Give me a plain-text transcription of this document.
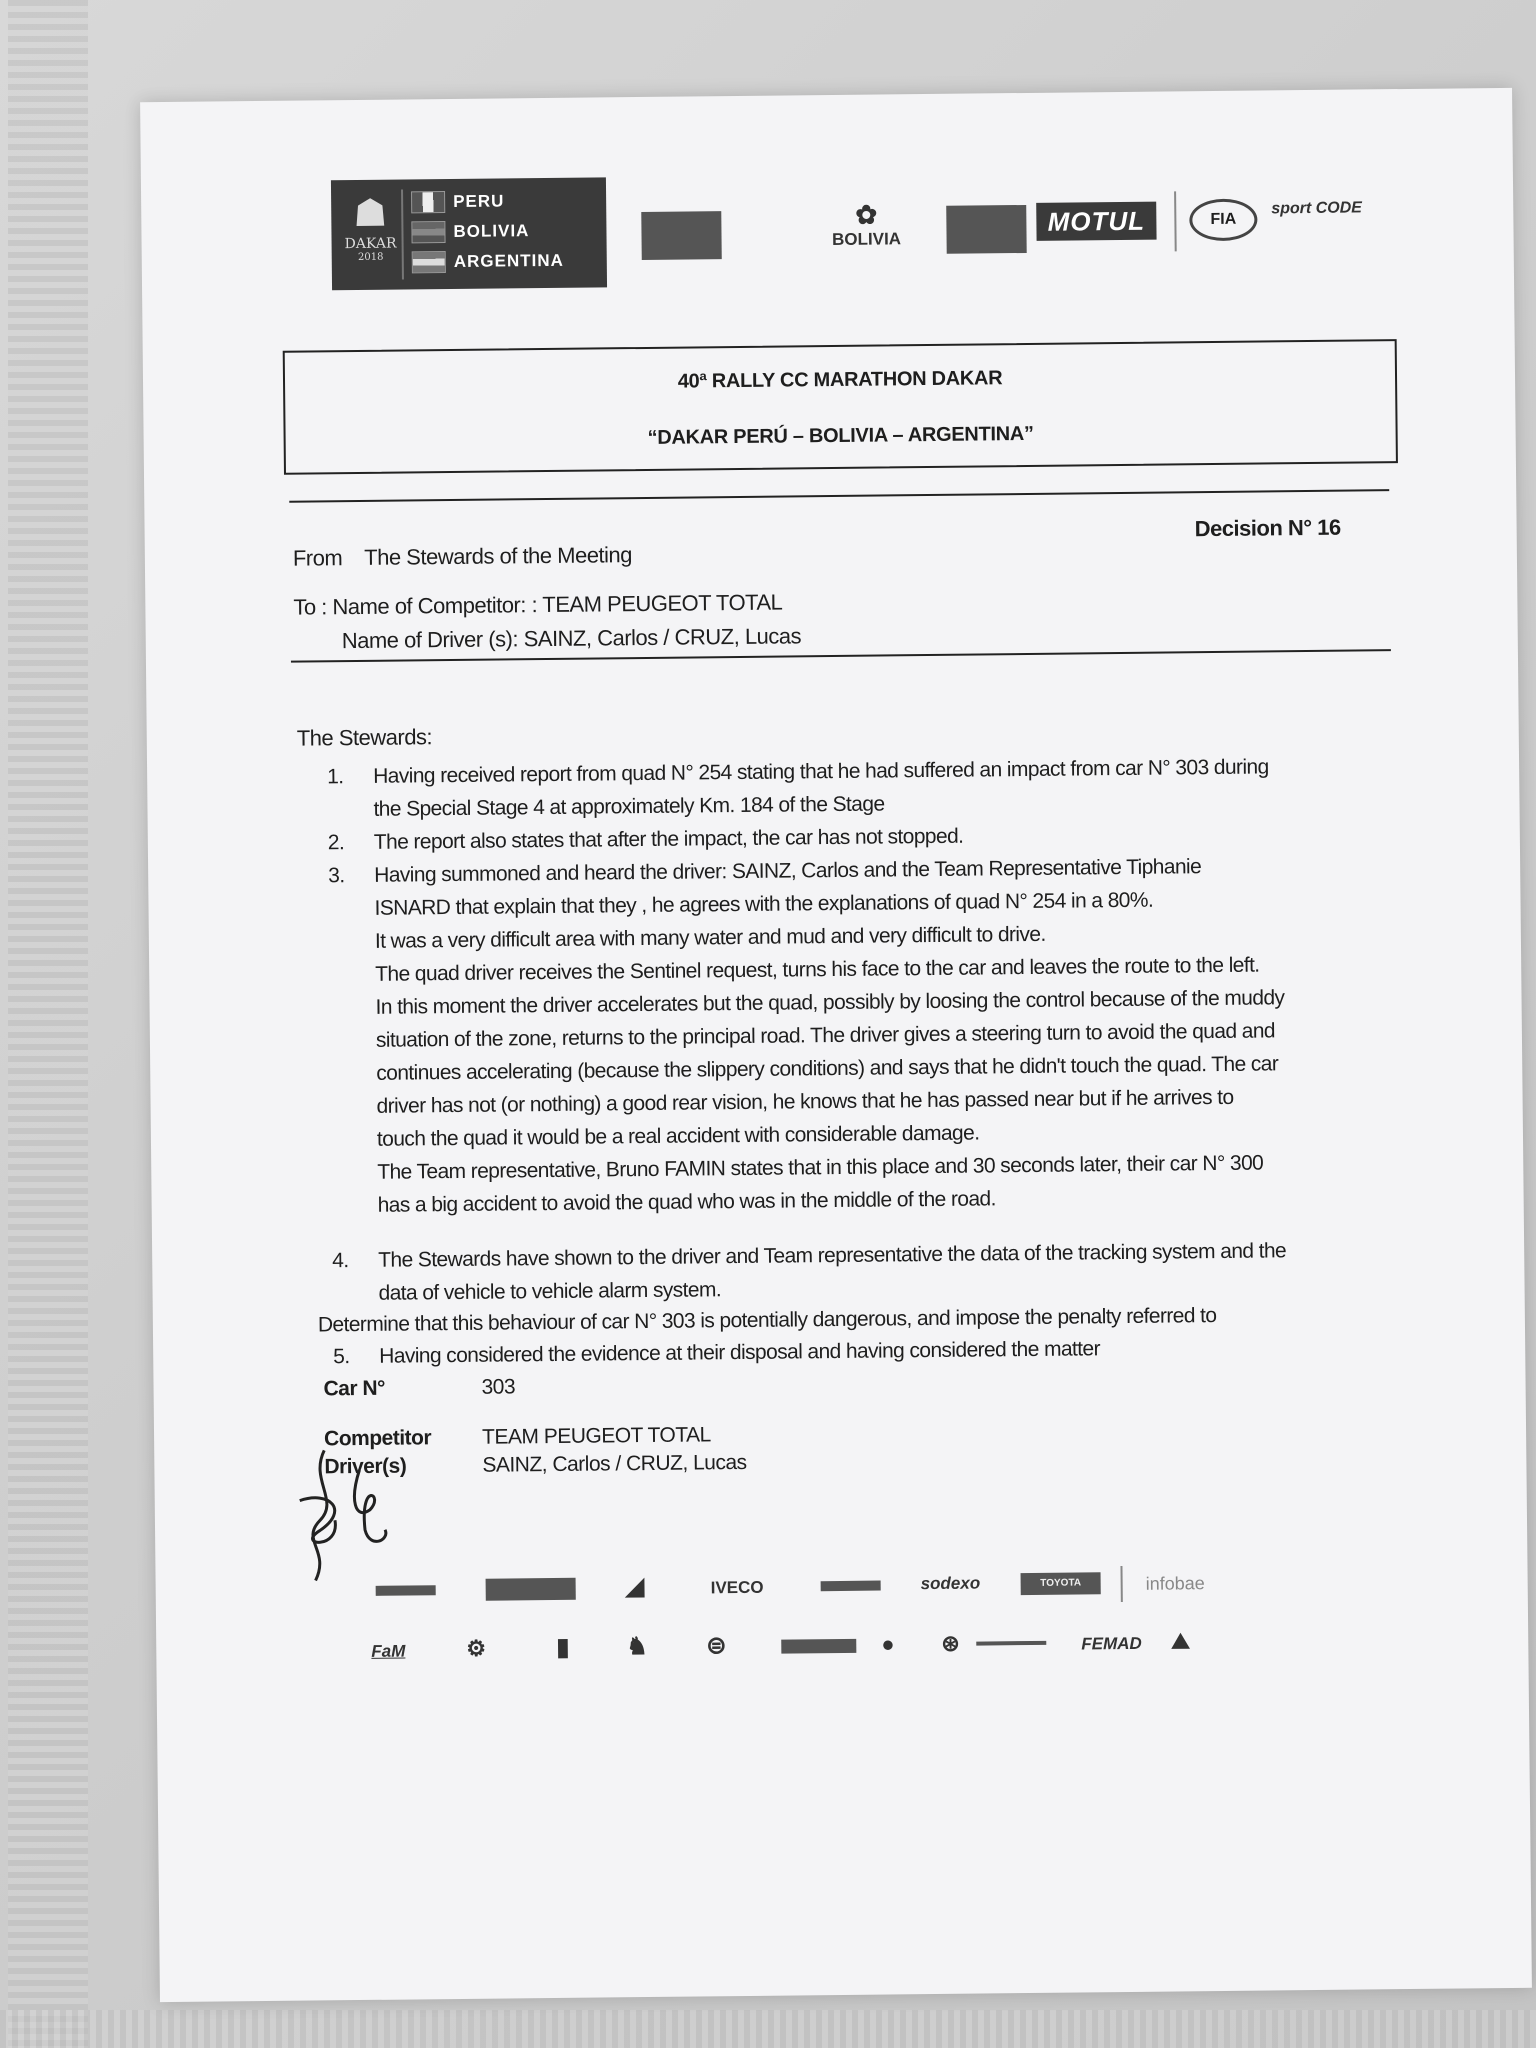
☗
DAKAR
2018
PERU
BOLIVIA
ARGENTINA
✿
BOLIVIA
MOTUL	FIA
sport CODE
40ª RALLY CC MARATHON DAKAR
“DAKAR PERÚ – BOLIVIA – ARGENTINA”
From The Stewards of the Meeting
Decision N° 16
To : Name of Competitor: : TEAM PEUGEOT TOTAL
Name of Driver (s): SAINZ, Carlos / CRUZ, Lucas
The Stewards:
1. Having received report from quad N° 254 stating that he had suffered an impact from car N° 303 during
the Special Stage 4 at approximately Km. 184 of the Stage
2. The report also states that after the impact, the car has not stopped.
3. Having summoned and heard the driver: SAINZ, Carlos and the Team Representative Tiphanie
ISNARD that explain that they , he agrees with the explanations of quad N° 254 in a 80%.
It was a very difficult area with many water and mud and very difficult to drive.
The quad driver receives the Sentinel request, turns his face to the car and leaves the route to the left.
In this moment the driver accelerates but the quad, possibly by loosing the control because of the muddy
situation of the zone, returns to the principal road. The driver gives a steering turn to avoid the quad and
continues accelerating (because the slippery conditions) and says that he didn't touch the quad. The car
driver has not (or nothing) a good rear vision, he knows that he has passed near but if he arrives to
touch the quad it would be a real accident with considerable damage.
The Team representative, Bruno FAMIN states that in this place and 30 seconds later, their car N° 300
has a big accident to avoid the quad who was in the middle of the road.
4. The Stewards have shown to the driver and Team representative the data of the tracking system and the
data of vehicle to vehicle alarm system.
5. Having considered the evidence at their disposal and having considered the matter
Determine that this behaviour of car N° 303 is potentially dangerous, and impose the penalty referred to
Car N°	303
Competitor	TEAM PEUGEOT TOTAL
Driver(s)	SAINZ, Carlos / CRUZ, Lucas
◢	IVECO	sodexo	TOYOTA	infobae
FaM	⚙	▮ ♞ ⊜	● ⊛	FEMAD ⛰
